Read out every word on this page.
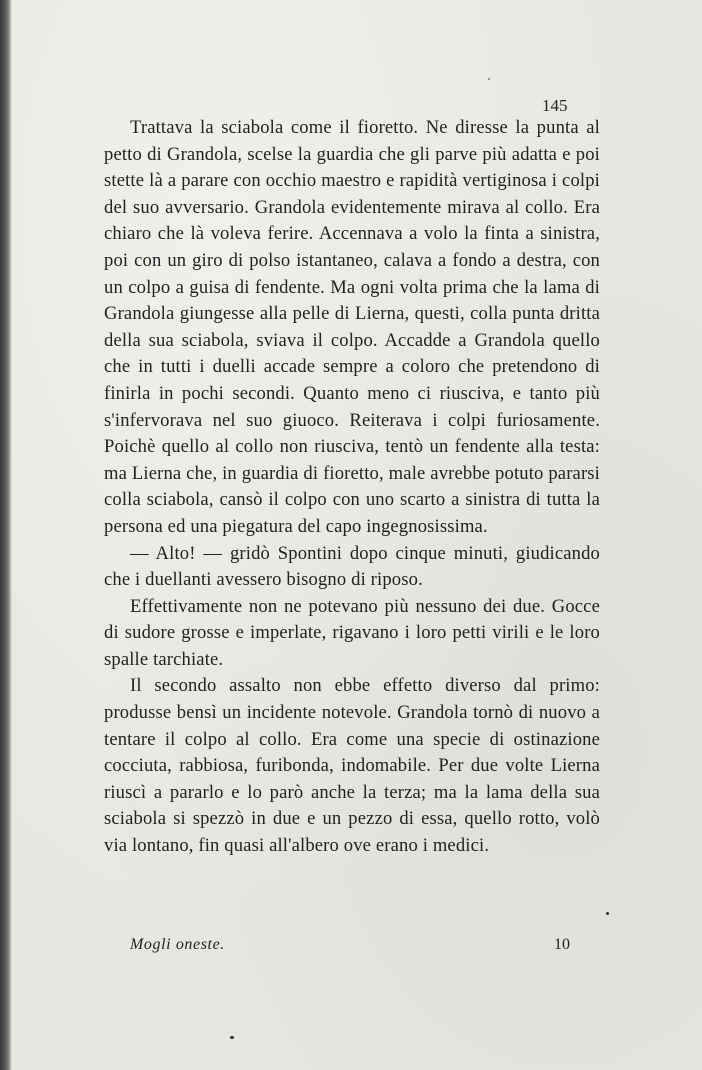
145

Trattava la sciabola come il fioretto. Ne diresse la punta al petto di Grandola, scelse la guardia che gli parve più adatta e poi stette là a parare con occhio maestro e rapidità vertiginosa i colpi del suo avversario. Grandola evidentemente mirava al collo. Era chiaro che là voleva ferire. Accennava a volo la finta a sinistra, poi con un giro di polso istantaneo, calava a fondo a destra, con un colpo a guisa di fendente. Ma ogni volta prima che la lama di Grandola giungesse alla pelle di Lierna, questi, colla punta dritta della sua sciabola, sviava il colpo. Accadde a Grandola quello che in tutti i duelli accade sempre a coloro che pretendono di finirla in pochi secondi. Quanto meno ci riusciva, e tanto più s'infervorava nel suo giuoco. Reiterava i colpi furiosamente. Poichè quello al collo non riusciva, tentò un fendente alla testa: ma Lierna che, in guardia di fioretto, male avrebbe potuto pararsi colla sciabola, cansò il colpo con uno scarto a sinistra di tutta la persona ed una piegatura del capo ingegnosissima.

— Alto! — gridò Spontini dopo cinque minuti, giudicando che i duellanti avessero bisogno di riposo.

Effettivamente non ne potevano più nessuno dei due. Gocce di sudore grosse e imperlate, rigavano i loro petti virili e le loro spalle tarchiate.

Il secondo assalto non ebbe effetto diverso dal primo: produsse bensì un incidente notevole. Grandola tornò di nuovo a tentare il colpo al collo. Era come una specie di ostinazione cocciuta, rabbiosa, furibonda, indomabile. Per due volte Lierna riuscì a pararlo e lo parò anche la terza; ma la lama della sua sciabola si spezzò in due e un pezzo di essa, quello rotto, volò via lontano, fin quasi all'albero ove erano i medici.

Mogli oneste.	10
